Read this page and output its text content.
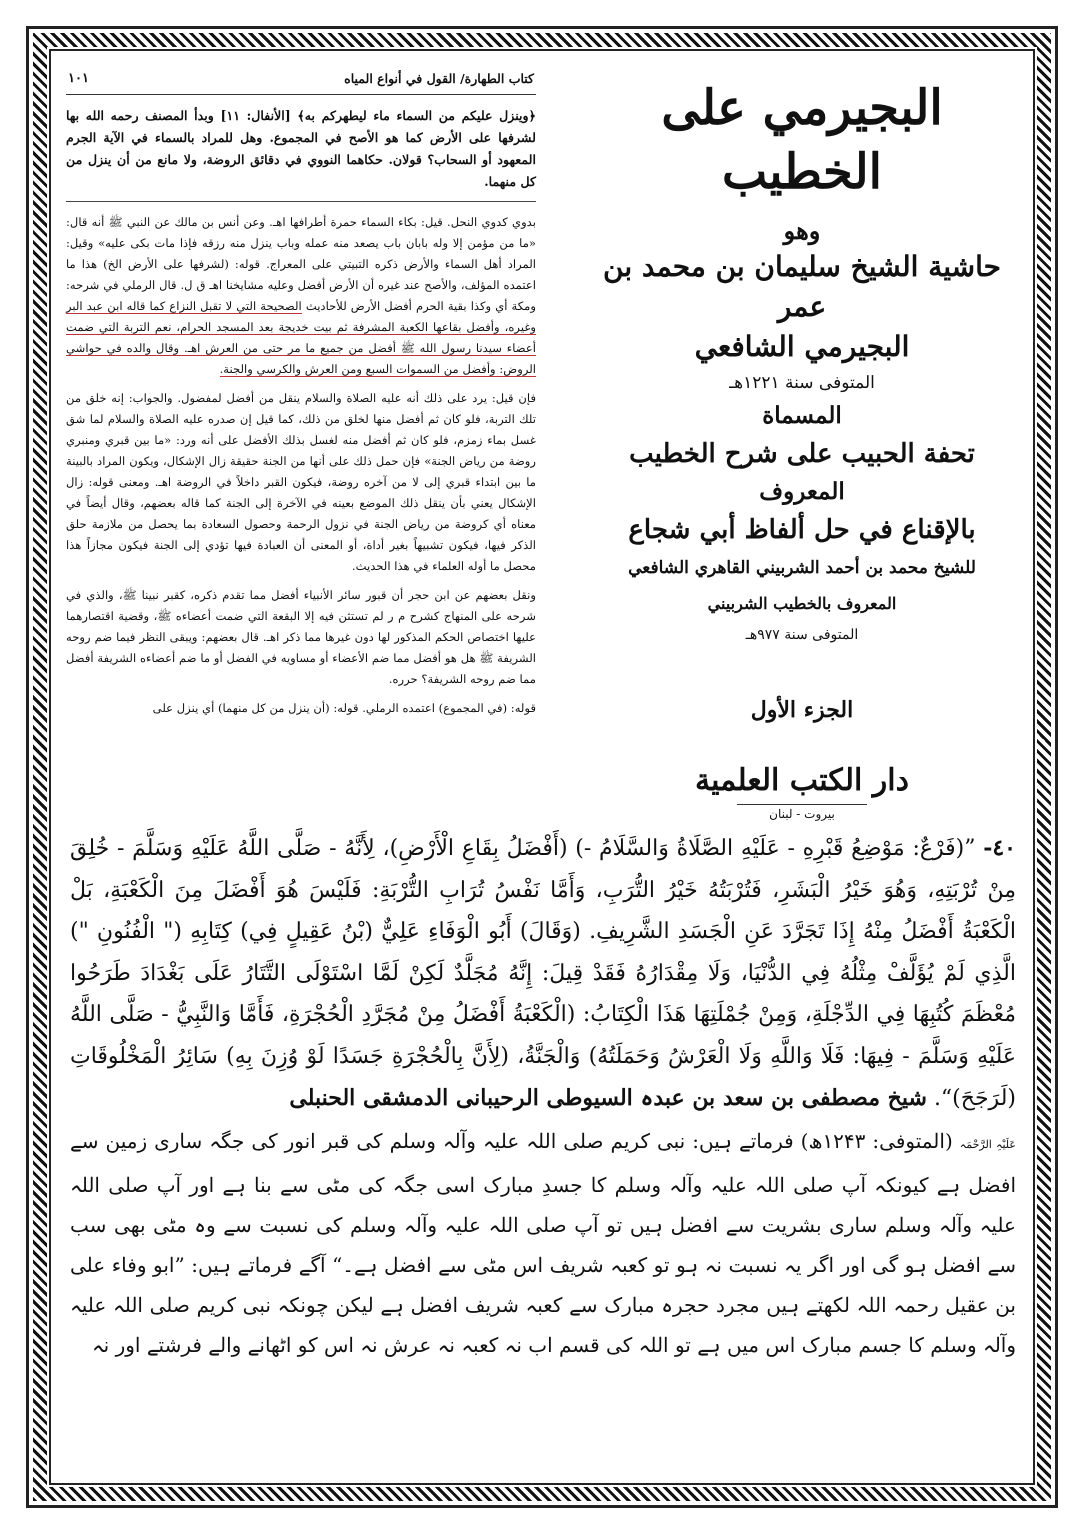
البجيرمي على الخطيب
وهو

حاشية الشيخ سليمان بن محمد بن عمر

البجيرمي الشافعي

المتوفى سنة ١٢٢١هـ
المسماة
تحفة الحبيب على شرح الخطيب
المعروف
بالإقناع في حل ألفاظ أبي شجاع
للشيخ محمد بن أحمد الشربيني القاهري الشافعي
المعروف بالخطيب الشربيني
المتوفى سنة ٩٧٧هـ
الجزء الأول
دار الكتب العلمية
بيروت - لبنان
كتاب الطهارة/ القول في أنواع المياه
١٠١

﴿وينزل عليكم من السماء ماء ليطهركم به﴾ [الأنفال: ١١] وبدأ المصنف رحمه الله بها لشرفها على الأرض كما هو الأصح في المجموع. وهل للمراد بالسماء في الآية الجرم المعهود أو السحاب؟ قولان. حكاهما النووي في دقائق الروضة، ولا مانع من أن ينزل من كل منهما.

بدوي كدوي النحل. قيل: بكاء السماء حمرة أطرافها اهـ. وعن أنس بن مالك عن النبي ﷺ أنه قال: «ما من مؤمن إلا وله بابان باب يصعد منه عمله وباب ينزل منه رزقه فإذا مات بكى عليه» وقيل: المراد أهل السماء والأرض ذكره التبيتي على المعراج. قوله: (لشرفها على الأرض الخ) هذا ما اعتمده المؤلف، والأصح عند غيره أن الأرض أفضل وعليه مشايخنا اهـ ق ل. قال الرملي في شرحه: ومكة أي وكذا بقية الحرم أفضل الأرض للأحاديث الصحيحة التي لا تقبل النزاع كما قاله ابن عبد البر وغيره، وأفضل بقاعها الكعبة المشرفة ثم بيت خديجة بعد المسجد الحرام، نعم التربة التي ضمت أعضاء سيدنا رسول الله ﷺ أفضل من جميع ما مر حتى من العرش اهـ. وقال والده في حواشي الروض: وأفضل من السموات السبع ومن العرش والكرسي والجنة.

فإن قيل: يرد على ذلك أنه عليه الصلاة والسلام ينقل من أفضل لمفضول. والجواب: إنه خلق من تلك التربة، فلو كان ثم أفضل منها لخلق من ذلك، كما قيل إن صدره عليه الصلاة والسلام لما شق غسل بماء زمزم، فلو كان ثم أفضل منه لغسل بذلك الأفضل على أنه ورد: «ما بين قبري ومنبري روضة من رياض الجنة» فإن حمل ذلك على أنها من الجنة حقيقة زال الإشكال، ويكون المراد بالبينة ما بين ابتداء قبري إلى لا من آخره روضة، فيكون القبر داخلاً في الروضة اهـ. ومعنى قوله: زال الإشكال يعني بأن ينقل ذلك الموضع بعينه في الآخرة إلى الجنة كما قاله بعضهم، وقال أيضاً في معناه أي كروضة من رياض الجنة في نزول الرحمة وحصول السعادة بما يحصل من ملازمة حلق الذكر فيها، فيكون تشبيهاً بغير أداة، أو المعنى أن العبادة فيها تؤدي إلى الجنة فيكون مجازاً هذا محصل ما أوله العلماء في هذا الحديث.

ونقل بعضهم عن ابن حجر أن قبور سائر الأنبياء أفضل مما تقدم ذكره، كقبر نبينا ﷺ، والذي في شرحه على المنهاج كشرح م ر لم تستثن فيه إلا البقعة التي ضمت أعضاءه ﷺ، وقضية اقتصارهما عليها اختصاص الحكم المذكور لها دون غيرها مما ذكر اهـ. قال بعضهم: ويبقى النظر فيما ضم روحه الشريفة ﷺ هل هو أفضل مما ضم الأعضاء أو مساويه في الفضل أو ما ضم أعضاءه الشريفة أفضل مما ضم روحه الشريفة؟ حرره.

قوله: (في المجموع) اعتمده الرملي. قوله: (أن ينزل من كل منهما) أي ينزل على

٤٠- ”(فَرْعٌ: مَوْضِعُ قَبْرِهِ - عَلَيْهِ الصَّلَاةُ وَالسَّلَامُ -) (أَفْضَلُ بِقَاعِ الْأَرْضِ)، لِأَنَّهُ - صَلَّى اللَّهُ عَلَيْهِ وَسَلَّمَ - خُلِقَ مِنْ تُرْبَتِهِ، وَهُوَ خَيْرُ الْبَشَرِ، فَتُرْبَتُهُ خَيْرُ التُّرَبِ، وَأَمَّا نَفْسُ تُرَابِ التُّرْبَةِ: فَلَيْسَ هُوَ أَفْضَلَ مِنَ الْكَعْبَةِ، بَلْ الْكَعْبَةُ أَفْضَلُ مِنْهُ إِذَا تَجَرَّدَ عَنِ الْجَسَدِ الشَّرِيفِ. (وَقَالَ) أَبُو الْوَفَاءِ عَلِيٌّ (بْنُ عَقِيلٍ فِي) كِتَابِهِ (" الْفُنُونِ ") الَّذِي لَمْ يُؤَلَّفْ مِثْلُهُ فِي الدُّنْيَا، وَلَا مِقْدَارُهُ فَقَدْ قِيلَ: إِنَّهُ مُجَلَّدٌ لَكِنْ لَمَّا اسْتَوْلَى التَّتَارُ عَلَى بَغْدَادَ طَرَحُوا مُعْظَمَ كُتُبِهَا فِي الدِّجْلَةِ، وَمِنْ جُمْلَتِهَا هَذَا الْكِتَابُ: (الْكَعْبَةُ أَفْضَلُ مِنْ مُجَرَّدِ الْحُجْرَةِ، فَأَمَّا وَالنَّبِيُّ - صَلَّى اللَّهُ عَلَيْهِ وَسَلَّمَ - فِيهَا: فَلَا وَاللَّهِ وَلَا الْعَرْشُ وَحَمَلَتُهُ) وَالْجَنَّةُ، (لِأَنَّ بِالْحُجْرَةِ جَسَدًا لَوْ وُزِنَ بِهِ) سَائِرُ الْمَخْلُوقَاتِ (لَرَجَحَ)“. شیخ مصطفی بن سعد بن عبدہ السیوطی الرحیبانی الدمشقی الحنبلی
عَلَیْہِ الرَّحْمَہ (المتوفی: ۱۲۴۳ھ) فرماتے ہیں: نبی کریم صلی اللہ علیہ وآلہ وسلم کی قبر انور کی جگہ ساری زمین سے افضل ہے کیونکہ آپ صلی اللہ علیہ وآلہ وسلم کا جسدِ مبارک اسی جگہ کی مٹی سے بنا ہے اور آپ صلی اللہ علیہ وآلہ وسلم ساری بشریت سے افضل ہیں تو آپ صلی اللہ علیہ وآلہ وسلم کی نسبت سے وہ مٹی بھی سب سے افضل ہو گی اور اگر یہ نسبت نہ ہو تو کعبہ شریف اس مٹی سے افضل ہے۔“ آگے فرماتے ہیں: ”ابو وفاء علی بن عقیل رحمہ اللہ لکھتے ہیں مجرد حجرہ مبارک سے کعبہ شریف افضل ہے لیکن چونکہ نبی کریم صلی اللہ علیہ وآلہ وسلم کا جسم مبارک اس میں ہے تو اللہ کی قسم اب نہ کعبہ نہ عرش نہ اس کو اٹھانے والے فرشتے اور نہ
